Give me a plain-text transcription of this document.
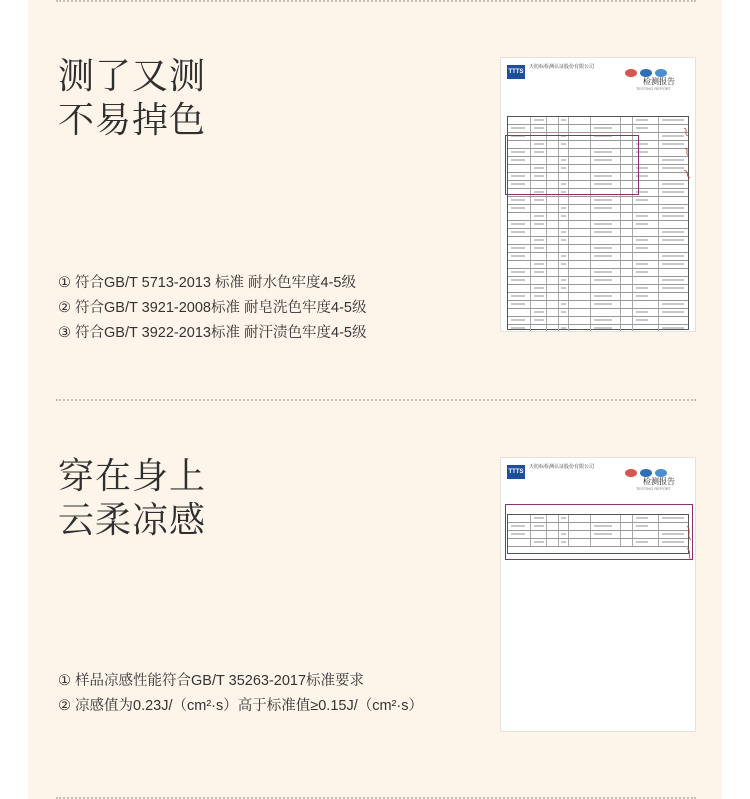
测了又测
不易掉色
① 符合GB/T 5713-2013 标准 耐水色牢度4-5级
② 符合GB/T 3921-2008标准 耐皂洗色牢度4-5级
③ 符合GB/T 3922-2013标准 耐汗渍色牢度4-5级
TTTS
天纺标检测认证股份有限公司
检测报告
TESTING REPORT
穿在身上
云柔凉感
① 样品凉感性能符合GB/T 35263-2017标准要求
② 凉感值为0.23J/（cm²·s）高于标准值≥0.15J/（cm²·s）
TTTS
天纺标检测认证股份有限公司
检测报告
TESTING REPORT
